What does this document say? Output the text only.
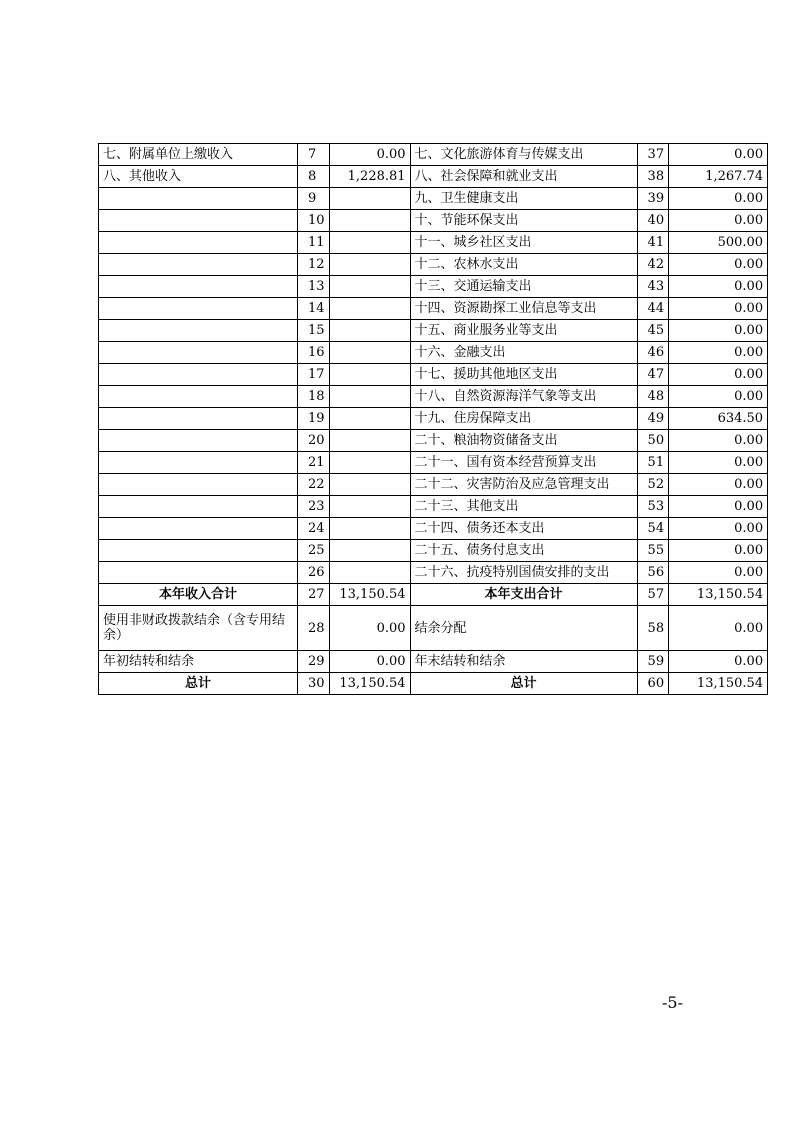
七、附属单位上缴收入	7	0.00	七、文化旅游体育与传媒支出	37	0.00
八、其他收入	8	1,228.81	八、社会保障和就业支出	38	1,267.74
	9		九、卫生健康支出	39	0.00
	10		十、节能环保支出	40	0.00
	11		十一、城乡社区支出	41	500.00
	12		十二、农林水支出	42	0.00
	13		十三、交通运输支出	43	0.00
	14		十四、资源勘探工业信息等支出	44	0.00
	15		十五、商业服务业等支出	45	0.00
	16		十六、金融支出	46	0.00
	17		十七、援助其他地区支出	47	0.00
	18		十八、自然资源海洋气象等支出	48	0.00
	19		十九、住房保障支出	49	634.50
	20		二十、粮油物资储备支出	50	0.00
	21		二十一、国有资本经营预算支出	51	0.00
	22		二十二、灾害防治及应急管理支出	52	0.00
	23		二十三、其他支出	53	0.00
	24		二十四、债务还本支出	54	0.00
	25		二十五、债务付息支出	55	0.00
	26		二十六、抗疫特别国债安排的支出	56	0.00
本年收入合计	27	13,150.54	本年支出合计	57	13,150.54
使用非财政拨款结余（含专用结余）	28	0.00	结余分配	58	0.00
年初结转和结余	29	0.00	年末结转和结余	59	0.00
总计	30	13,150.54	总计	60	13,150.54
-5-
